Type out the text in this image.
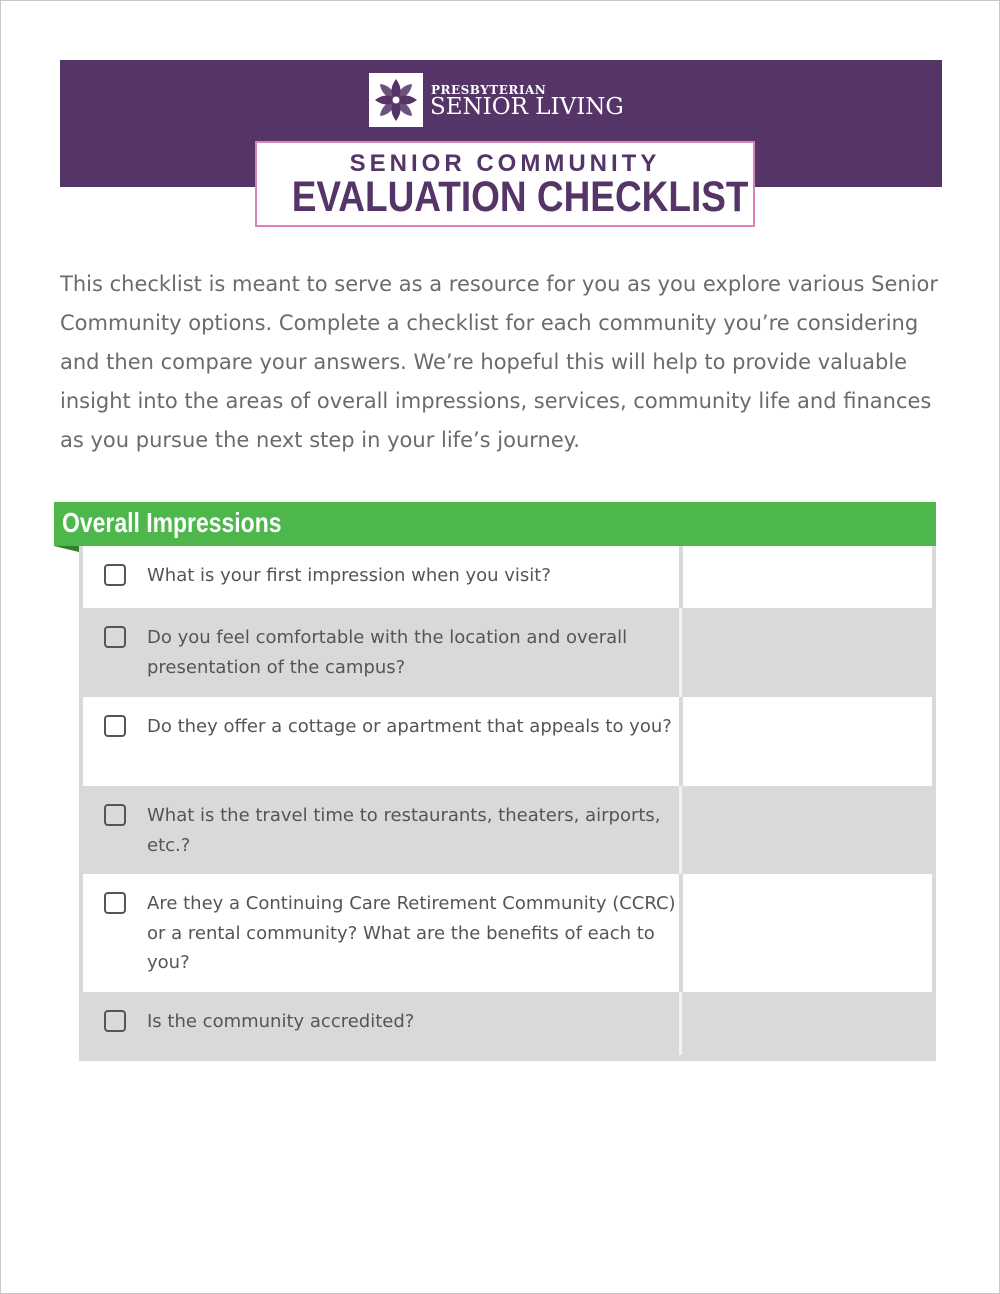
PRESBYTERIAN
SENIOR LIVING
SENIOR COMMUNITY
EVALUATION CHECKLIST

This checklist is meant to serve as a resource for you as you explore various Senior Community options. Complete a checklist for each community you’re considering and then compare your answers. We’re hopeful this will help to provide valuable insight into the areas of overall impressions, services, community life and finances as you pursue the next step in your life’s journey.

Overall Impressions

What is your first impression when you visit?

Do you feel comfortable with the location and overall presentation of the campus?

Do they offer a cottage or apartment that appeals to you?

What is the travel time to restaurants, theaters, airports, etc.?

Are they a Continuing Care Retirement Community (CCRC) or a rental community? What are the benefits of each to you?

Is the community accredited?
